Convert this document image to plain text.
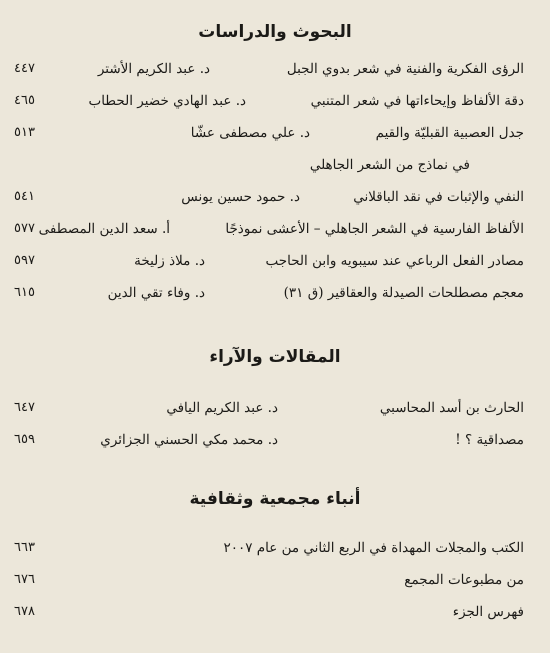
البحوث والدراسات
الرؤى الفكرية والفنية في شعر بدوي الجبل
د. عبد الكريم الأشتر
٤٤٧
دقة الألفاظ وإيحاءاتها في شعر المتنبي
د. عبد الهادي خضير الحطاب
٤٦٥
جدل العصبية القبليّة والقيم
د. علي مصطفى عشّا
٥١٣
في نماذج من الشعر الجاهلي
النفي والإثبات في نقد الباقلاني
د. حمود حسين يونس
٥٤١
الألفاظ الفارسية في الشعر الجاهلي – الأعشى نموذجًا
أ. سعد الدين المصطفى
٥٧٧
مصادر الفعل الرباعي عند سيبويه وابن الحاجب
د. ملاذ زليخة
٥٩٧
معجم مصطلحات الصيدلة والعقاقير (ق ٣١)
د. وفاء تقي الدين
٦١٥
المقالات والآراء
الحارث بن أسد المحاسبي
د. عبد الكريم اليافي
٦٤٧
مصداقية ؟ !
د. محمد مكي الحسني الجزائري
٦٥٩
أنباء مجمعية وثقافية
الكتب والمجلات المهداة في الربع الثاني من عام ٢٠٠٧
٦٦٣
من مطبوعات المجمع
٦٧٦
فهرس الجزء
٦٧٨
